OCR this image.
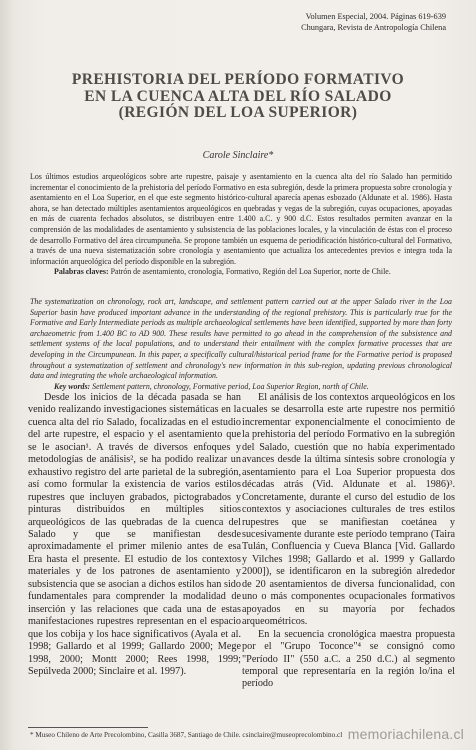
Volumen Especial, 2004. Páginas 619-639
Chungara, Revista de Antropología Chilena
PREHISTORIA DEL PERÍODO FORMATIVO
EN LA CUENCA ALTA DEL RÍO SALADO
(REGIÓN DEL LOA SUPERIOR)
Carole Sinclaire*
Los últimos estudios arqueológicos sobre arte rupestre, paisaje y asentamiento en la cuenca alta del río Salado han permitido incrementar el conocimiento de la prehistoria del período Formativo en esta subregión, desde la primera propuesta sobre cronología y asentamiento en el Loa Superior, en el que este segmento histórico-cultural aparecía apenas esbozado (Aldunate et al. 1986). Hasta ahora, se han detectado múltiples asentamientos arqueológicos en quebradas y vegas de la subregión, cuyas ocupaciones, apoyadas en más de cuarenta fechados absolutos, se distribuyen entre 1.400 a.C. y 900 d.C. Estos resultados permiten avanzar en la comprensión de las modalidades de asentamiento y subsistencia de las poblaciones locales, y la vinculación de éstas con el proceso de desarrollo Formativo del área circumpuneña. Se propone también un esquema de periodificación histórico-cultural del Formativo, a través de una nueva sistematización sobre cronología y asentamiento que actualiza los antecedentes previos e integra toda la información arqueológica del período disponible en la subregión.
Palabras claves: Patrón de asentamiento, cronología, Formativo, Región del Loa Superior, norte de Chile.
The systematization on chronology, rock art, landscape, and settlement pattern carried out at the upper Salado river in the Loa Superior basin have produced important advance in the understanding of the regional prehistory. This is particularly true for the Formative and Early Intermediate periods as multiple archaeological settlements have been identified, supported by more than forty archaeometric from 1.400 BC to AD 900. These results have permitted to go ahead in the comprehension of the subsistence and settlement systems of the local populations, and to understand their entailment with the complex formative processes that are developing in the Circumpunean. In this paper, a specifically cultural/historical period frame for the Formative period is proposed throughout a systematization of settlement and chronology's new information in this sub-region, updating previous chronological data and integrating the whole archaeological information.
Key words: Settlement pattern, chronology, Formative period, Loa Superior Region, north of Chile.

Desde los inicios de la década pasada se han venido realizando investigaciones sistemáticas en la cuenca alta del río Salado, focalizadas en el estudio del arte rupestre, el espacio y el asentamiento que se le asocian¹. A través de diversos enfoques y metodologías de análisis², se ha podido realizar un exhaustivo registro del arte parietal de la subregión, así como formular la existencia de varios estilos rupestres que incluyen grabados, pictograbados y pinturas distribuidos en múltiples sitios arqueológicos de las quebradas de la cuenca del Salado y que se manifiestan desde aproximadamente el primer milenio antes de esa Era hasta el presente. El estudio de los contextos materiales y de los patrones de asentamiento y subsistencia que se asocian a dichos estilos han sido fundamentales para comprender la modalidad de inserción y las relaciones que cada una de estas manifestaciones rupestres representan en el espacio que los cobija y los hace significativos (Ayala et al. 1998; Gallardo et al 1999; Gallardo 2000; Mege 1998, 2000; Montt 2000; Rees 1998, 1999; Sepúlveda 2000; Sinclaire et al. 1997).

El análisis de los contextos arqueológicos en los cuales se desarrolla este arte rupestre nos permitió incrementar exponencialmente el conocimiento de la prehistoria del período Formativo en la subregión del Salado, cuestión que no había experimentado avances desde la última síntesis sobre cronología y asentamiento para el Loa Superior propuesta dos décadas atrás (Vid. Aldunate et al. 1986)³. Concretamente, durante el curso del estudio de los contextos y asociaciones culturales de tres estilos rupestres que se manifiestan coetánea y sucesivamente durante este período temprano (Taira Tulán, Confluencia y Cueva Blanca [Vid. Gallardo y Vilches 1998; Gallardo et al. 1999 y Gallardo 2000]), se identificaron en la subregión alrededor de 20 asentamientos de diversa funcionalidad, con uno o más componentes ocupacionales formativos apoyados en su mayoría por fechados arqueométricos.

En la secuencia cronológica maestra propuesta por el "Grupo Toconce"⁴ se consignó como "Período II" (550 a.C. a 250 d.C.) al segmento temporal que representaría en la región lo/ina el período

* Museo Chileno de Arte Precolombino, Casilla 3687, Santiago de Chile. csinclaire@museoprecolombino.cl memoriachilena.cl
